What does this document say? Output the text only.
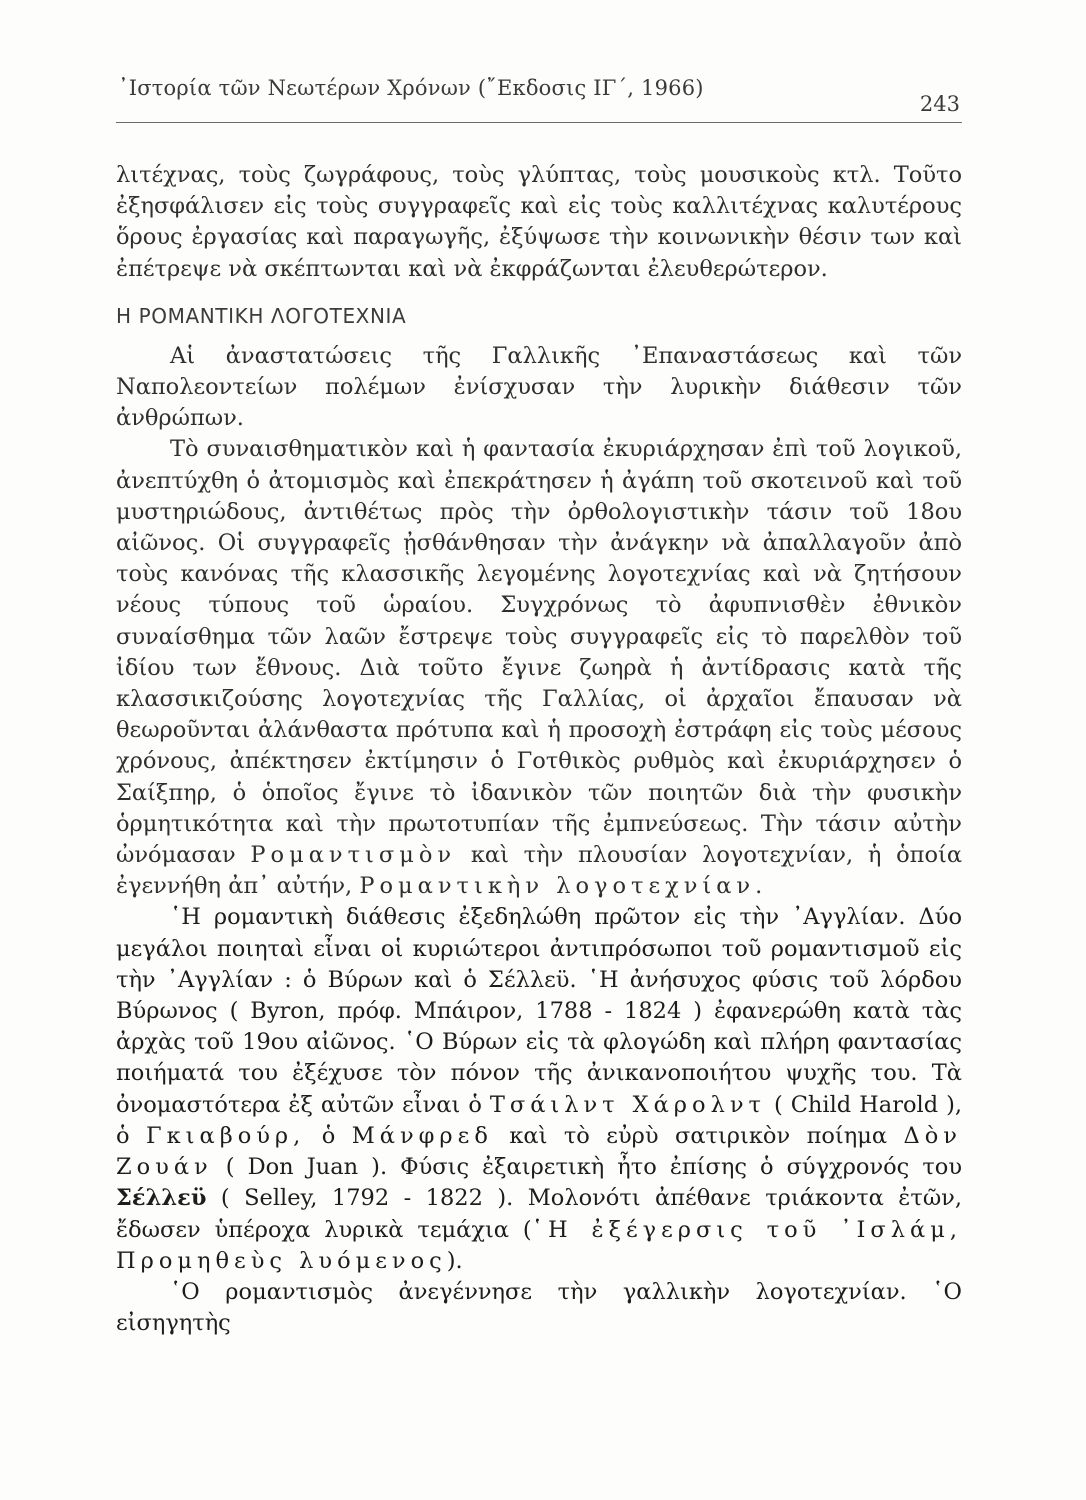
᾿Ιστορία τῶν Νεωτέρων Χρόνων (῎Εκδοσις ΙΓ΄, 1966)
243

λιτέχνας, τοὺς ζωγράφους, τοὺς γλύπτας, τοὺς μουσικοὺς κτλ. Τοῦτο ἐξησφάλισεν εἰς τοὺς συγγραφεῖς καὶ εἰς τοὺς καλλιτέχνας καλυτέρους ὅρους ἐργασίας καὶ παραγωγῆς, ἐξύψωσε τὴν κοινωνικὴν θέσιν των καὶ ἐπέτρεψε νὰ σκέπτωνται καὶ νὰ ἐκφράζωνται ἐλευθερώτερον.

Η ΡΟΜΑΝΤΙΚΗ ΛΟΓΟΤΕΧΝΙΑ

Αἱ ἀναστατώσεις τῆς Γαλλικῆς ᾿Επαναστάσεως καὶ τῶν Ναπολεοντείων πολέμων ἐνίσχυσαν τὴν λυρικὴν διάθεσιν τῶν ἀνθρώπων.

Τὸ συναισθηματικὸν καὶ ἡ φαντασία ἐκυριάρχησαν ἐπὶ τοῦ λογικοῦ, ἀνεπτύχθη ὁ ἀτομισμὸς καὶ ἐπεκράτησεν ἡ ἀγάπη τοῦ σκοτεινοῦ καὶ τοῦ μυστηριώδους, ἀντιθέτως πρὸς τὴν ὀρθολογιστικὴν τάσιν τοῦ 18ου αἰῶνος. Οἱ συγγραφεῖς ᾐσθάνθησαν τὴν ἀνάγκην νὰ ἀπαλλαγοῦν ἀπὸ τοὺς κανόνας τῆς κλασσικῆς λεγομένης λογοτεχνίας καὶ νὰ ζητήσουν νέους τύπους τοῦ ὡραίου. Συγχρόνως τὸ ἀφυπνισθὲν ἐθνικὸν συναίσθημα τῶν λαῶν ἔστρεψε τοὺς συγγραφεῖς εἰς τὸ παρελθὸν τοῦ ἰδίου των ἔθνους. Διὰ τοῦτο ἔγινε ζωηρὰ ἡ ἀντίδρασις κατὰ τῆς κλασσικιζούσης λογοτεχνίας τῆς Γαλλίας, οἱ ἀρχαῖοι ἔπαυσαν νὰ θεωροῦνται ἀλάνθαστα πρότυπα καὶ ἡ προσοχὴ ἐστράφη εἰς τοὺς μέσους χρόνους, ἀπέκτησεν ἐκτίμησιν ὁ Γοτθικὸς ρυθμὸς καὶ ἐκυριάρχησεν ὁ Σαίξπηρ, ὁ ὁποῖος ἔγινε τὸ ἰδανικὸν τῶν ποιητῶν διὰ τὴν φυσικὴν ὁρμητικότητα καὶ τὴν πρωτοτυπίαν τῆς ἐμπνεύσεως. Τὴν τάσιν αὐτὴν ὠνόμασαν Ρομαντισμὸν καὶ τὴν πλουσίαν λογοτεχνίαν, ἡ ὁποία ἐγεννήθη ἀπ᾿ αὐτήν, Ρομαντικὴν λογοτεχνίαν.

῾Η ρομαντικὴ διάθεσις ἐξεδηλώθη πρῶτον εἰς τὴν ᾿Αγγλίαν. Δύο μεγάλοι ποιηταὶ εἶναι οἱ κυριώτεροι ἀντιπρόσωποι τοῦ ρομαντισμοῦ εἰς τὴν ᾿Αγγλίαν : ὁ Βύρων καὶ ὁ Σέλλεϋ. ῾Η ἀνήσυχος φύσις τοῦ λόρδου Βύρωνος ( Byron, πρόφ. Μπάιρον, 1788 - 1824 ) ἐφανερώθη κατὰ τὰς ἀρχὰς τοῦ 19ου αἰῶνος. ῾Ο Βύρων εἰς τὰ φλογώδη καὶ πλήρη φαντασίας ποιήματά του ἐξέχυσε τὸν πόνον τῆς ἀνικανοποιήτου ψυχῆς του. Τὰ ὀνομαστότερα ἐξ αὐτῶν εἶναι ὁ Τσάιλντ Χάρολντ ( Child Harold ), ὁ Γκιαβούρ, ὁ Μάνφρεδ καὶ τὸ εὐρὺ σατιρικὸν ποίημα Δὸν Ζουάν ( Don Juan ). Φύσις ἐξαιρετικὴ ἦτο ἐπίσης ὁ σύγχρονός του Σέλλεϋ ( Selley, 1792 - 1822 ). Μολονότι ἀπέθανε τριάκοντα ἐτῶν, ἔδωσεν ὑπέροχα λυρικὰ τεμάχια (῾Η ἐξέγερσις τοῦ ᾿Ισλάμ, Προμηθεὺς λυόμενος).

῾Ο ρομαντισμὸς ἀνεγέννησε τὴν γαλλικὴν λογοτεχνίαν. ῾Ο εἰσηγητὴς
